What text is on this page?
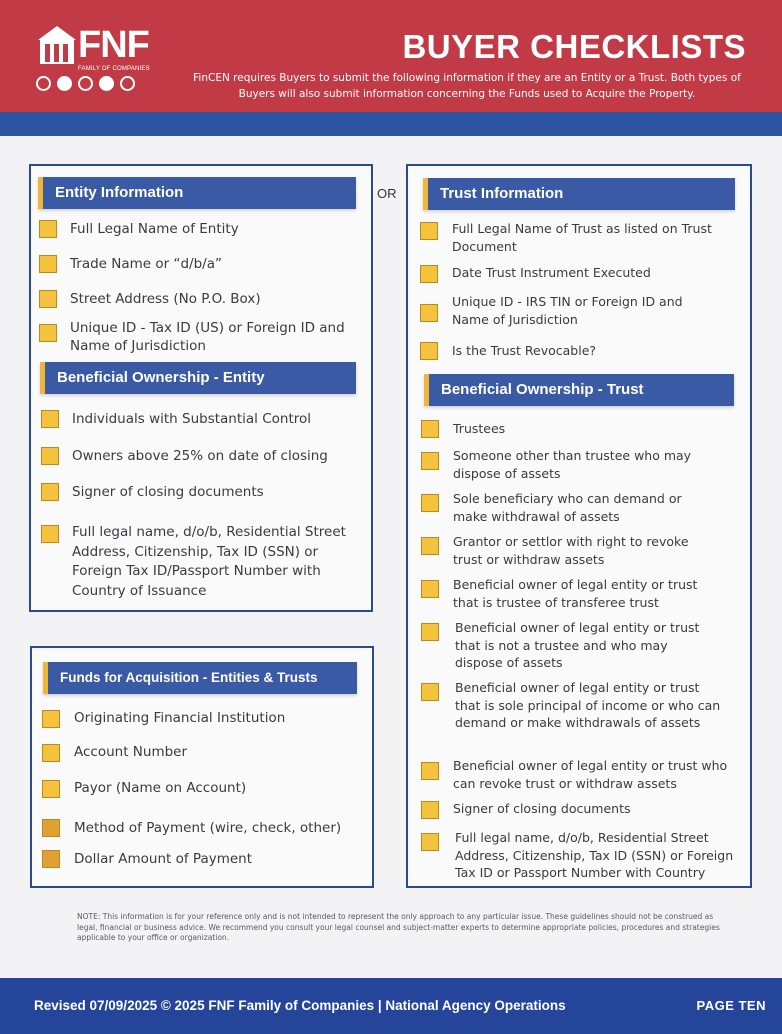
FNF
FAMILY OF COMPANIES
BUYER CHECKLISTS
FinCEN requires Buyers to submit the following information if they are an Entity or a Trust. Both types of Buyers will also submit information concerning the Funds used to Acquire the Property.
Entity Information
Full Legal Name of Entity
Trade Name or “d/b/a”
Street Address (No P.O. Box)
Unique ID - Tax ID (US) or Foreign ID and Name of Jurisdiction
Beneficial Ownership - Entity
Individuals with Substantial Control
Owners above 25% on date of closing
Signer of closing documents
Full legal name, d/o/b, Residential Street Address, Citizenship, Tax ID (SSN) or Foreign Tax ID/Passport Number with Country of Issuance
Funds for Acquisition - Entities & Trusts
Originating Financial Institution
Account Number
Payor (Name on Account)
Method of Payment (wire, check, other)
Dollar Amount of Payment
OR	Trust Information
Full Legal Name of Trust as listed on Trust Document
Date Trust Instrument Executed
Unique ID - IRS TIN or Foreign ID and Name of Jurisdiction
Is the Trust Revocable?
Beneficial Ownership - Trust
Trustees
Someone other than trustee who may dispose of assets
Sole beneficiary who can demand or make withdrawal of assets
Grantor or settlor with right to revoke trust or withdraw assets
Beneficial owner of legal entity or trust that is trustee of transferee trust
Beneficial owner of legal entity or trust that is not a trustee and who may dispose of assets
Beneficial owner of legal entity or trust that is sole principal of income or who can demand or make withdrawals of assets
Beneficial owner of legal entity or trust who can revoke trust or withdraw assets
Signer of closing documents
Full legal name, d/o/b, Residential Street Address, Citizenship, Tax ID (SSN) or Foreign Tax ID or Passport Number with Country
NOTE: This information is for your reference only and is not intended to represent the only approach to any particular issue. These guidelines should not be construed as legal, financial or business advice. We recommend you consult your legal counsel and subject-matter experts to determine appropriate policies, procedures and strategies applicable to your office or organization.
Revised 07/09/2025 © 2025 FNF Family of Companies | National Agency Operations	PAGE TEN
